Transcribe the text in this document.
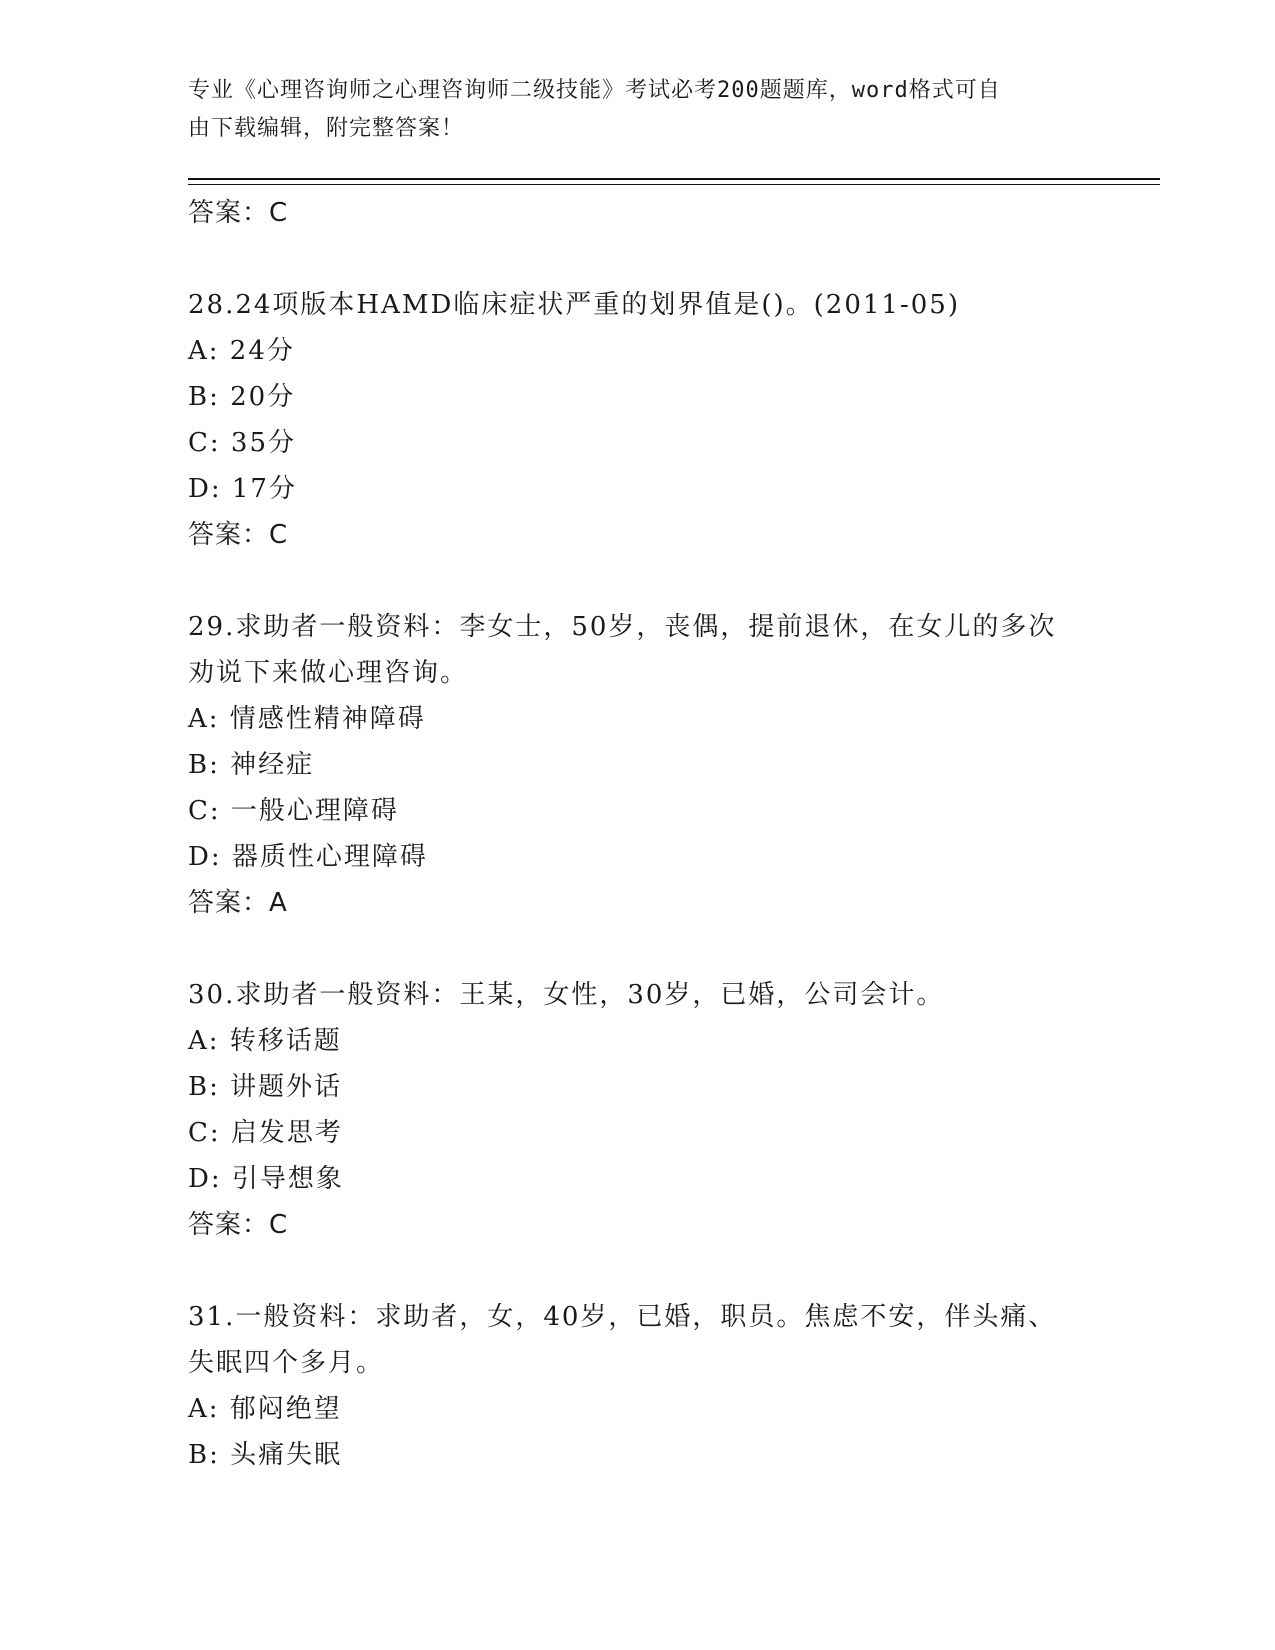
专业《心理咨询师之心理咨询师二级技能》考试必考200题题库，word格式可自
由下载编辑，附完整答案！
答案：C
28.24项版本HAMD临床症状严重的划界值是()。(2011-05)
A: 24分
B: 20分
C: 35分
D: 17分
答案：C
29.求助者一般资料：李女士，50岁，丧偶，提前退休，在女儿的多次
劝说下来做心理咨询。
A: 情感性精神障碍
B: 神经症
C: 一般心理障碍
D: 器质性心理障碍
答案：A
30.求助者一般资料：王某，女性，30岁，已婚，公司会计。
A: 转移话题
B: 讲题外话
C: 启发思考
D: 引导想象
答案：C
31.一般资料：求助者，女，40岁，已婚，职员。焦虑不安，伴头痛、
失眠四个多月。
A: 郁闷绝望
B: 头痛失眠
